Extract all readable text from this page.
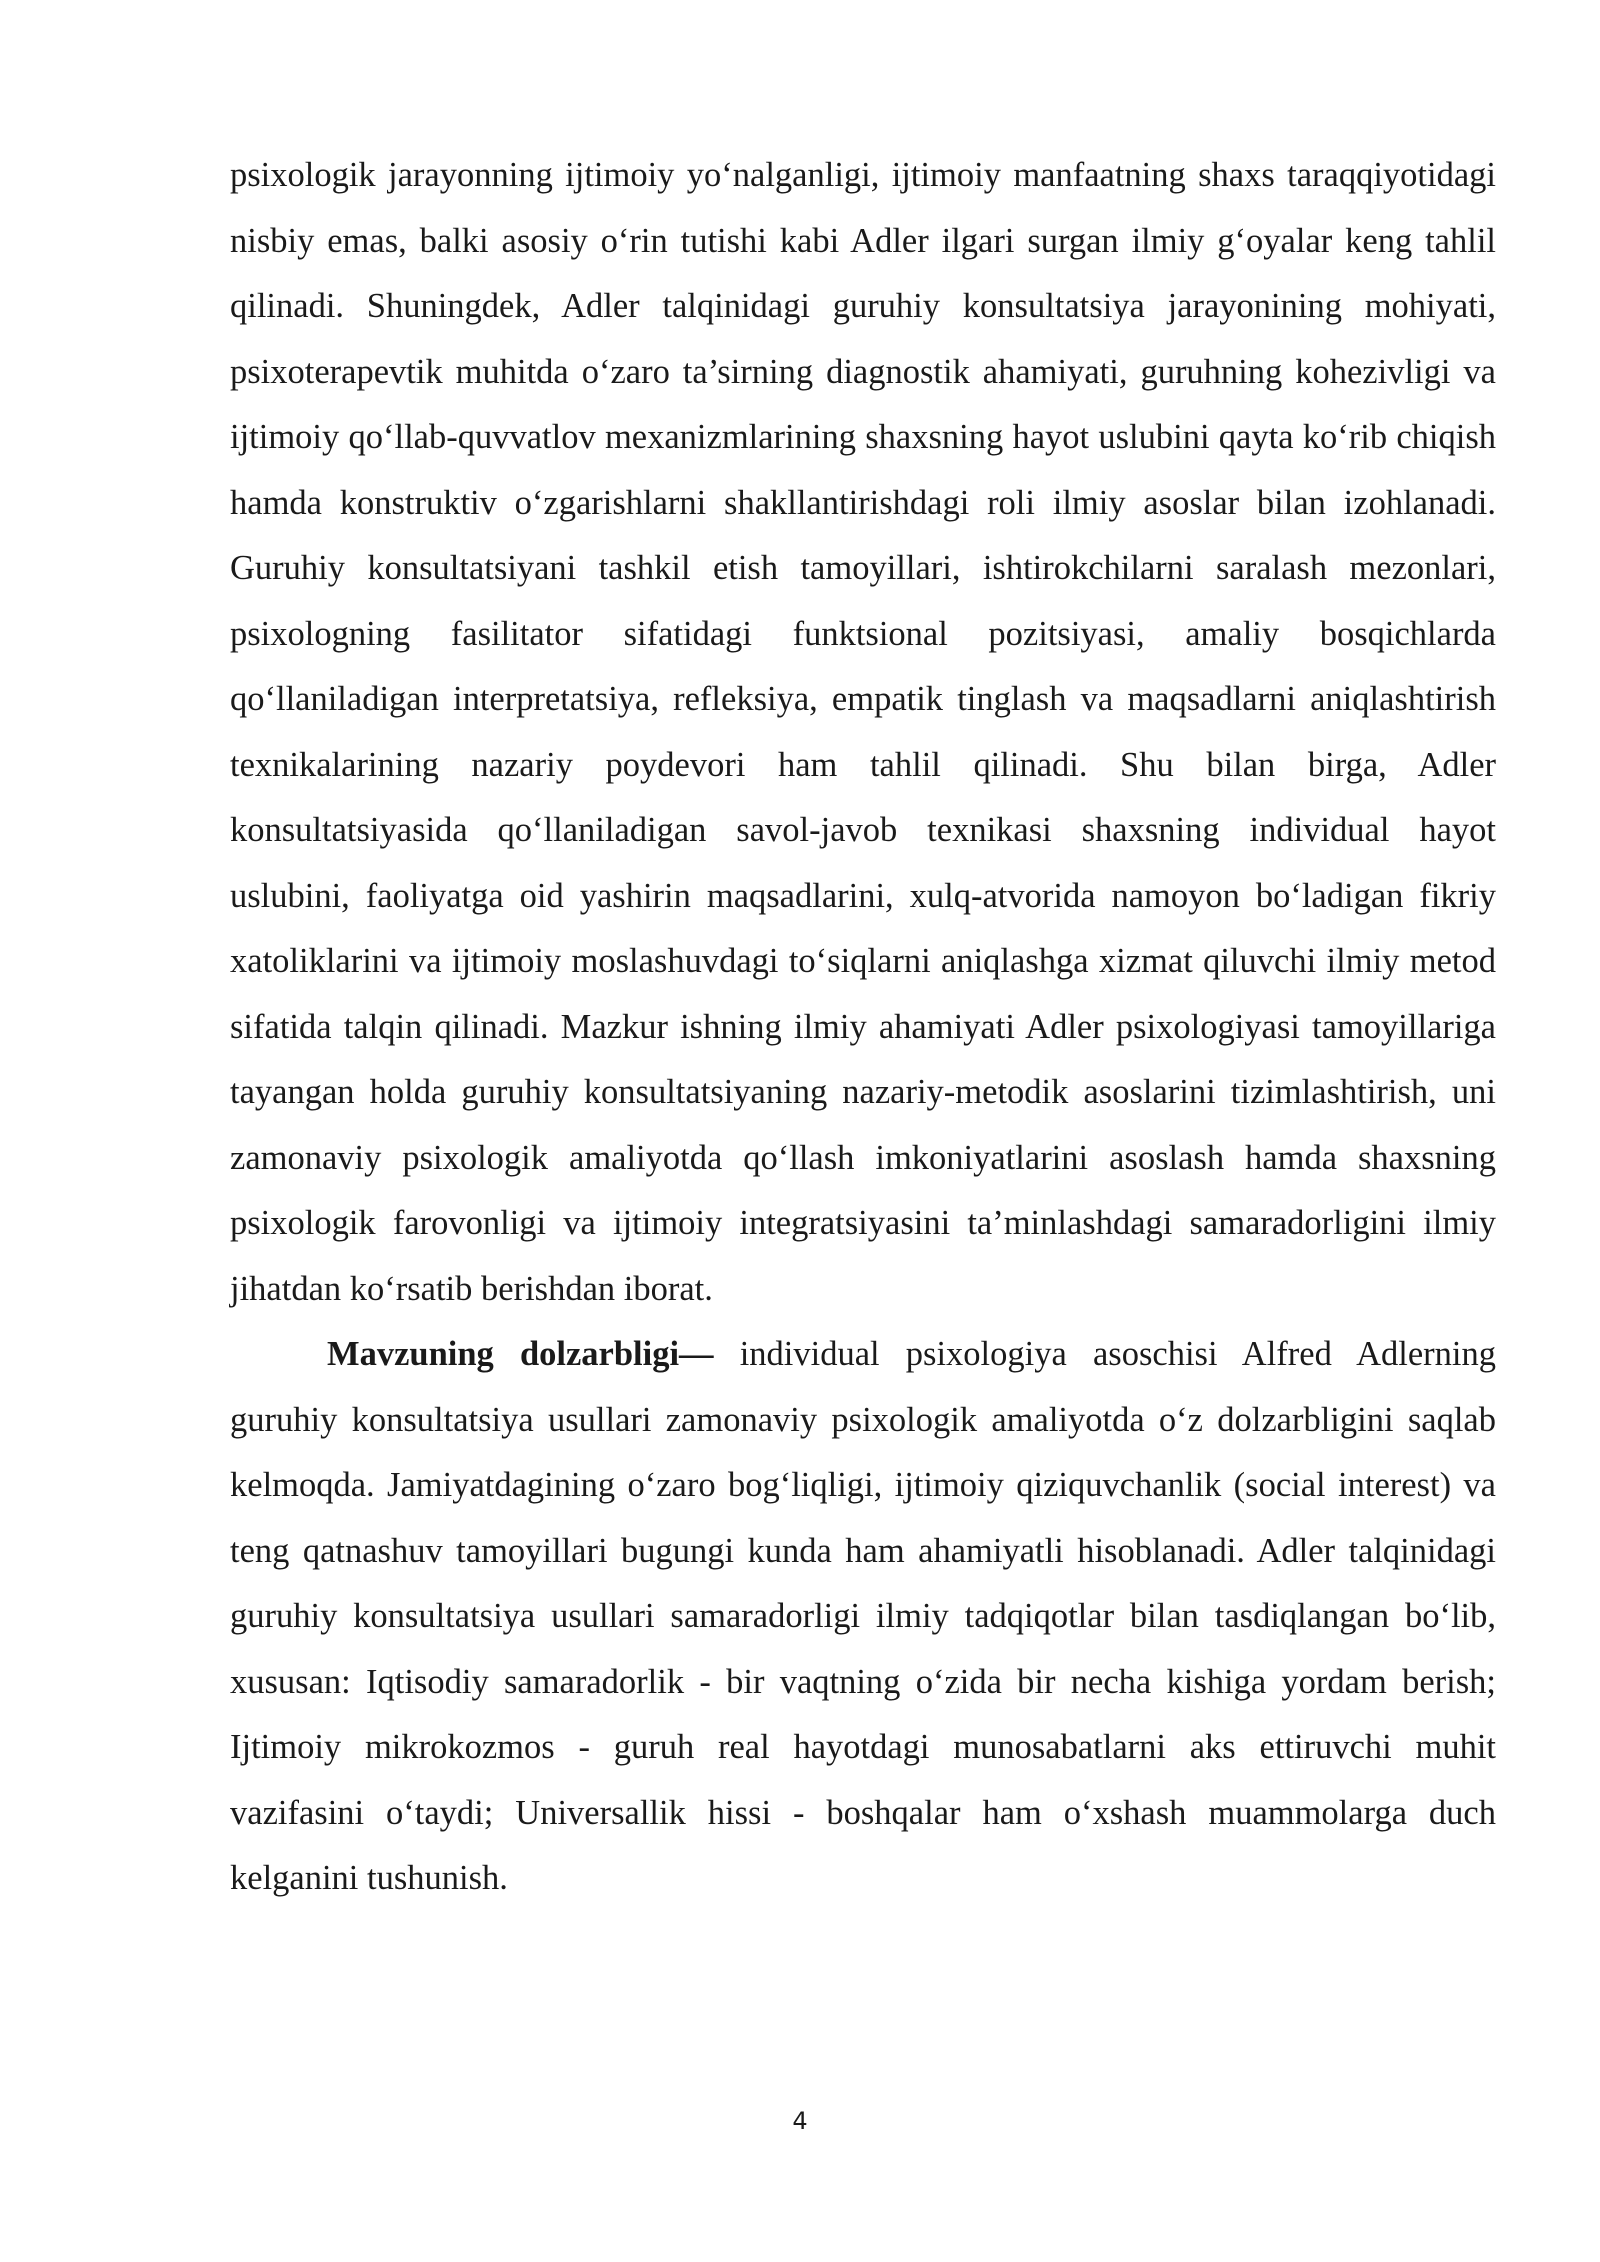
psixologik jarayonning ijtimoiy yo‘nalganligi, ijtimoiy manfaatning shaxs taraqqiyotidagi nisbiy emas, balki asosiy o‘rin tutishi kabi Adler ilgari surgan ilmiy g‘oyalar keng tahlil qilinadi. Shuningdek, Adler talqinidagi guruhiy konsultatsiya jarayonining mohiyati, psixoterapevtik muhitda o‘zaro ta’sirning diagnostik ahamiyati, guruhning kohezivligi va ijtimoiy qo‘llab-quvvatlov mexanizmlarining shaxsning hayot uslubini qayta ko‘rib chiqish hamda konstruktiv o‘zgarishlarni shakllantirishdagi roli ilmiy asoslar bilan izohlanadi. Guruhiy konsultatsiyani tashkil etish tamoyillari, ishtirokchilarni saralash mezonlari, psixologning fasilitator sifatidagi funktsional pozitsiyasi, amaliy bosqichlarda qo‘llaniladigan interpretatsiya, refleksiya, empatik tinglash va maqsadlarni aniqlashtirish texnikalarining nazariy poydevori ham tahlil qilinadi. Shu bilan birga, Adler konsultatsiyasida qo‘llaniladigan savol-javob texnikasi shaxsning individual hayot uslubini, faoliyatga oid yashirin maqsadlarini, xulq-atvorida namoyon bo‘ladigan fikriy xatoliklarini va ijtimoiy moslashuvdagi to‘siqlarni aniqlashga xizmat qiluvchi ilmiy metod sifatida talqin qilinadi. Mazkur ishning ilmiy ahamiyati Adler psixologiyasi tamoyillariga tayangan holda guruhiy konsultatsiyaning nazariy-metodik asoslarini tizimlashtirish, uni zamonaviy psixologik amaliyotda qo‘llash imkoniyatlarini asoslash hamda shaxsning psixologik farovonligi va ijtimoiy integratsiyasini ta’minlashdagi samaradorligini ilmiy jihatdan ko‘rsatib berishdan iborat.

Mavzuning dolzarbligi— individual psixologiya asoschisi Alfred Adlerning guruhiy konsultatsiya usullari zamonaviy psixologik amaliyotda o‘z dolzarbligini saqlab kelmoqda. Jamiyatdagining o‘zaro bog‘liqligi, ijtimoiy qiziquvchanlik (social interest) va teng qatnashuv tamoyillari bugungi kunda ham ahamiyatli hisoblanadi. Adler talqinidagi guruhiy konsultatsiya usullari samaradorligi ilmiy tadqiqotlar bilan tasdiqlangan bo‘lib, xususan: Iqtisodiy samaradorlik - bir vaqtning o‘zida bir necha kishiga yordam berish; Ijtimoiy mikrokozmos - guruh real hayotdagi munosabatlarni aks ettiruvchi muhit vazifasini o‘taydi; Universallik hissi - boshqalar ham o‘xshash muammolarga duch kelganini tushunish.

4
